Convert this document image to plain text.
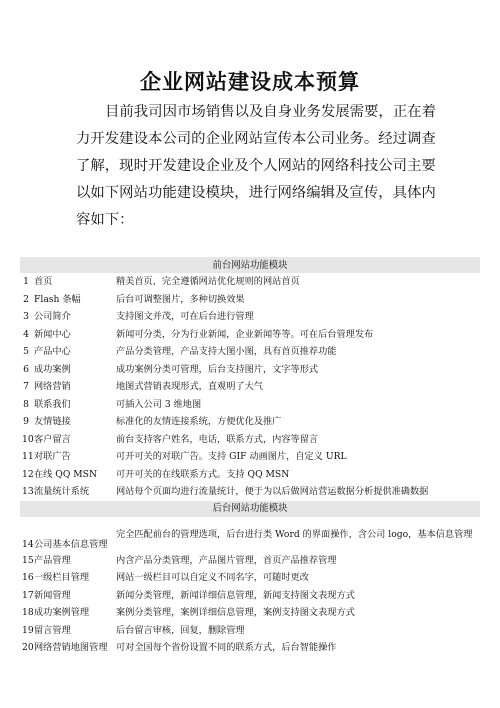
企业网站建设成本预算

目前我司因市场销售以及自身业务发展需要，正在着
力开发建设本公司的企业网站宣传本公司业务。经过调查
了解，现时开发建设企业及个人网站的网络科技公司主要
以如下网站功能建设模块，进行网络编辑及宣传，具体内
容如下：

前台网站功能模块		
1	首页	精美首页，完全遵循网站优化规则的网站首页
2	Flash 条幅	后台可调整图片，多种切换效果
3	公司简介	支持图文并茂，可在后台进行管理
4	新闻中心	新闻可分类，分为行业新闻，企业新闻等等。可在后台管理发布
5	产品中心	产品分类管理，产品支持大图小图，具有首页推荐功能
6	成功案例	成功案例分类可管理，后台支持图片，文字等形式
7	网络营销	地图式营销表现形式，直观明了大气
8	联系我们	可插入公司 3 维地图
9	友情链接	标准化的友情连接系统，方便优化及推广
10	客户留言	前台支持客户姓名，电话，联系方式，内容等留言
11	对联广告	可开可关的对联广告。支持 GIF 动画图片，自定义 URL
12	在线 QQ MSN	可开可关的在线联系方式。支持 QQ MSN
13	流量统计系统	网站每个页面均进行流量统计，便于为以后做网站营运数据分析提供准确数据
后台网站功能模块		
14	公司基本信息管理	完全匹配前台的管理选项，后台进行类 Word 的界面操作，含公司 logo，基本信息管理
15	产品管理	内含产品分类管理，产品图片管理，首页产品推荐管理
16	一级栏目管理	网站一级栏目可以自定义不同名字，可随时更改
17	新闻管理	新闻分类管理，新闻详细信息管理，新闻支持图文表现方式
18	成功案例管理	案例分类管理，案例详细信息管理，案例支持图文表现方式
19	留言管理	后台留言审核，回复，删除管理
20	网络营销地图管理	可对全国每个省份设置不同的联系方式，后台智能操作
